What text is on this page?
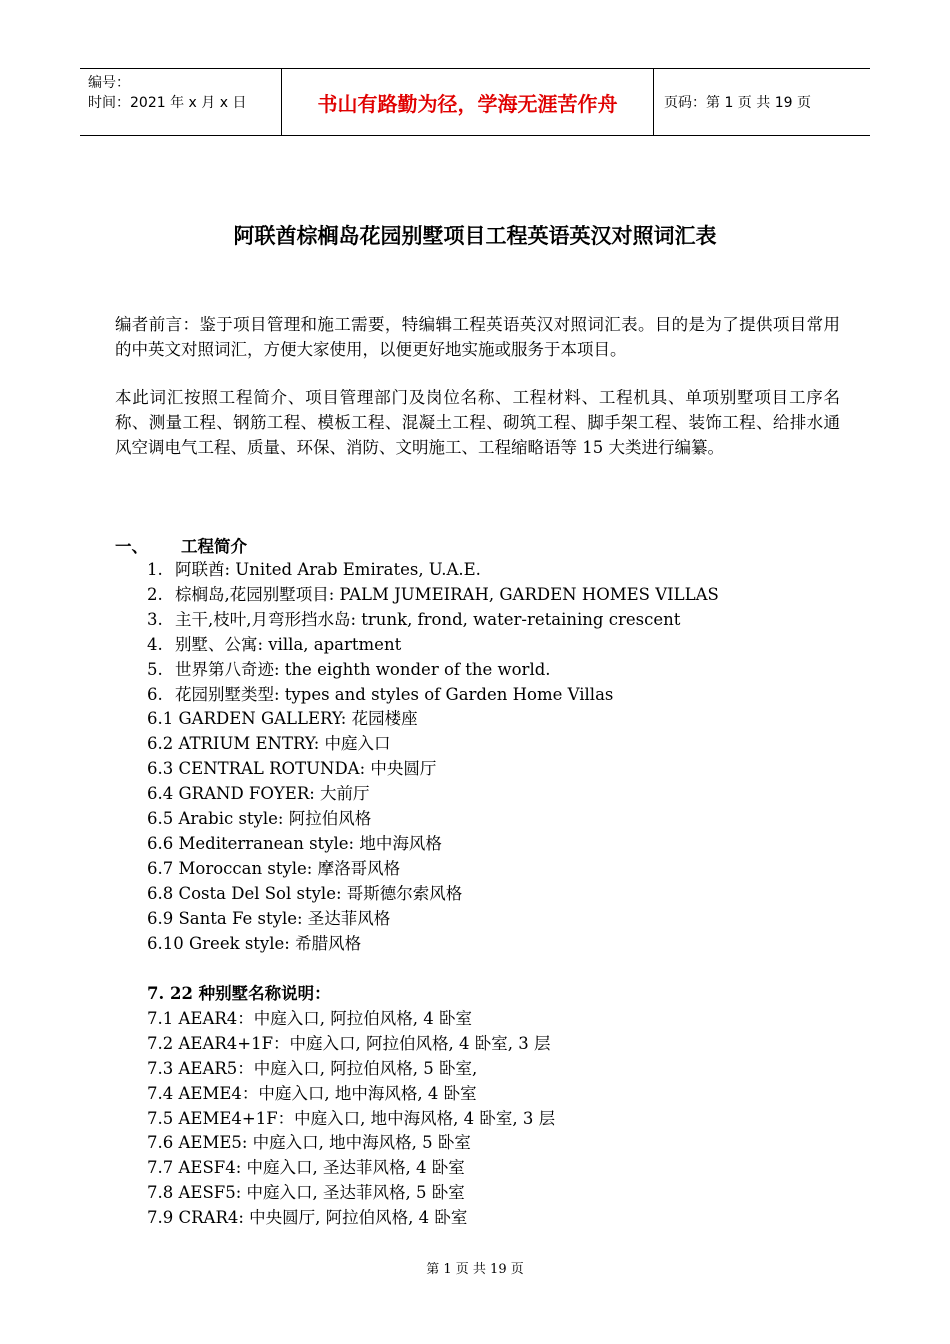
编号：
时间：2021 年 x 月 x 日	书山有路勤为径，学海无涯苦作舟	页码：第 1 页 共 19 页
阿联酋棕榈岛花园别墅项目工程英语英汉对照词汇表

编者前言：鉴于项目管理和施工需要，特编辑工程英语英汉对照词汇表。目的是为了提供项目常用的中英文对照词汇，方便大家使用，以便更好地实施或服务于本项目。

本此词汇按照工程简介、项目管理部门及岗位名称、工程材料、工程机具、单项别墅项目工序名称、测量工程、钢筋工程、模板工程、混凝土工程、砌筑工程、脚手架工程、装饰工程、给排水通风空调电气工程、质量、环保、消防、文明施工、工程缩略语等 15 大类进行编纂。

一、 工程简介
1. 阿联酋: United Arab Emirates, U.A.E.
2. 棕榈岛,花园别墅项目: PALM JUMEIRAH, GARDEN HOMES VILLAS
3. 主干,枝叶,月弯形挡水岛: trunk, frond, water-retaining crescent
4. 别墅、公寓: villa, apartment
5. 世界第八奇迹: the eighth wonder of the world.
6. 花园别墅类型: types and styles of Garden Home Villas
6.1 GARDEN GALLERY: 花园楼座
6.2 ATRIUM ENTRY: 中庭入口
6.3 CENTRAL ROTUNDA: 中央圆厅
6.4 GRAND FOYER: 大前厅
6.5 Arabic style: 阿拉伯风格
6.6 Mediterranean style: 地中海风格
6.7 Moroccan style: 摩洛哥风格
6.8 Costa Del Sol style: 哥斯德尔索风格
6.9 Santa Fe style: 圣达菲风格
6.10 Greek style: 希腊风格
7. 22 种别墅名称说明：
7.1 AEAR4：中庭入口, 阿拉伯风格, 4 卧室
7.2 AEAR4+1F：中庭入口, 阿拉伯风格, 4 卧室, 3 层
7.3 AEAR5：中庭入口, 阿拉伯风格, 5 卧室,
7.4 AEME4：中庭入口, 地中海风格, 4 卧室
7.5 AEME4+1F：中庭入口, 地中海风格, 4 卧室, 3 层
7.6 AEME5: 中庭入口, 地中海风格, 5 卧室
7.7 AESF4: 中庭入口, 圣达菲风格, 4 卧室
7.8 AESF5: 中庭入口, 圣达菲风格, 5 卧室
7.9 CRAR4: 中央圆厅, 阿拉伯风格, 4 卧室
第 1 页 共 19 页
